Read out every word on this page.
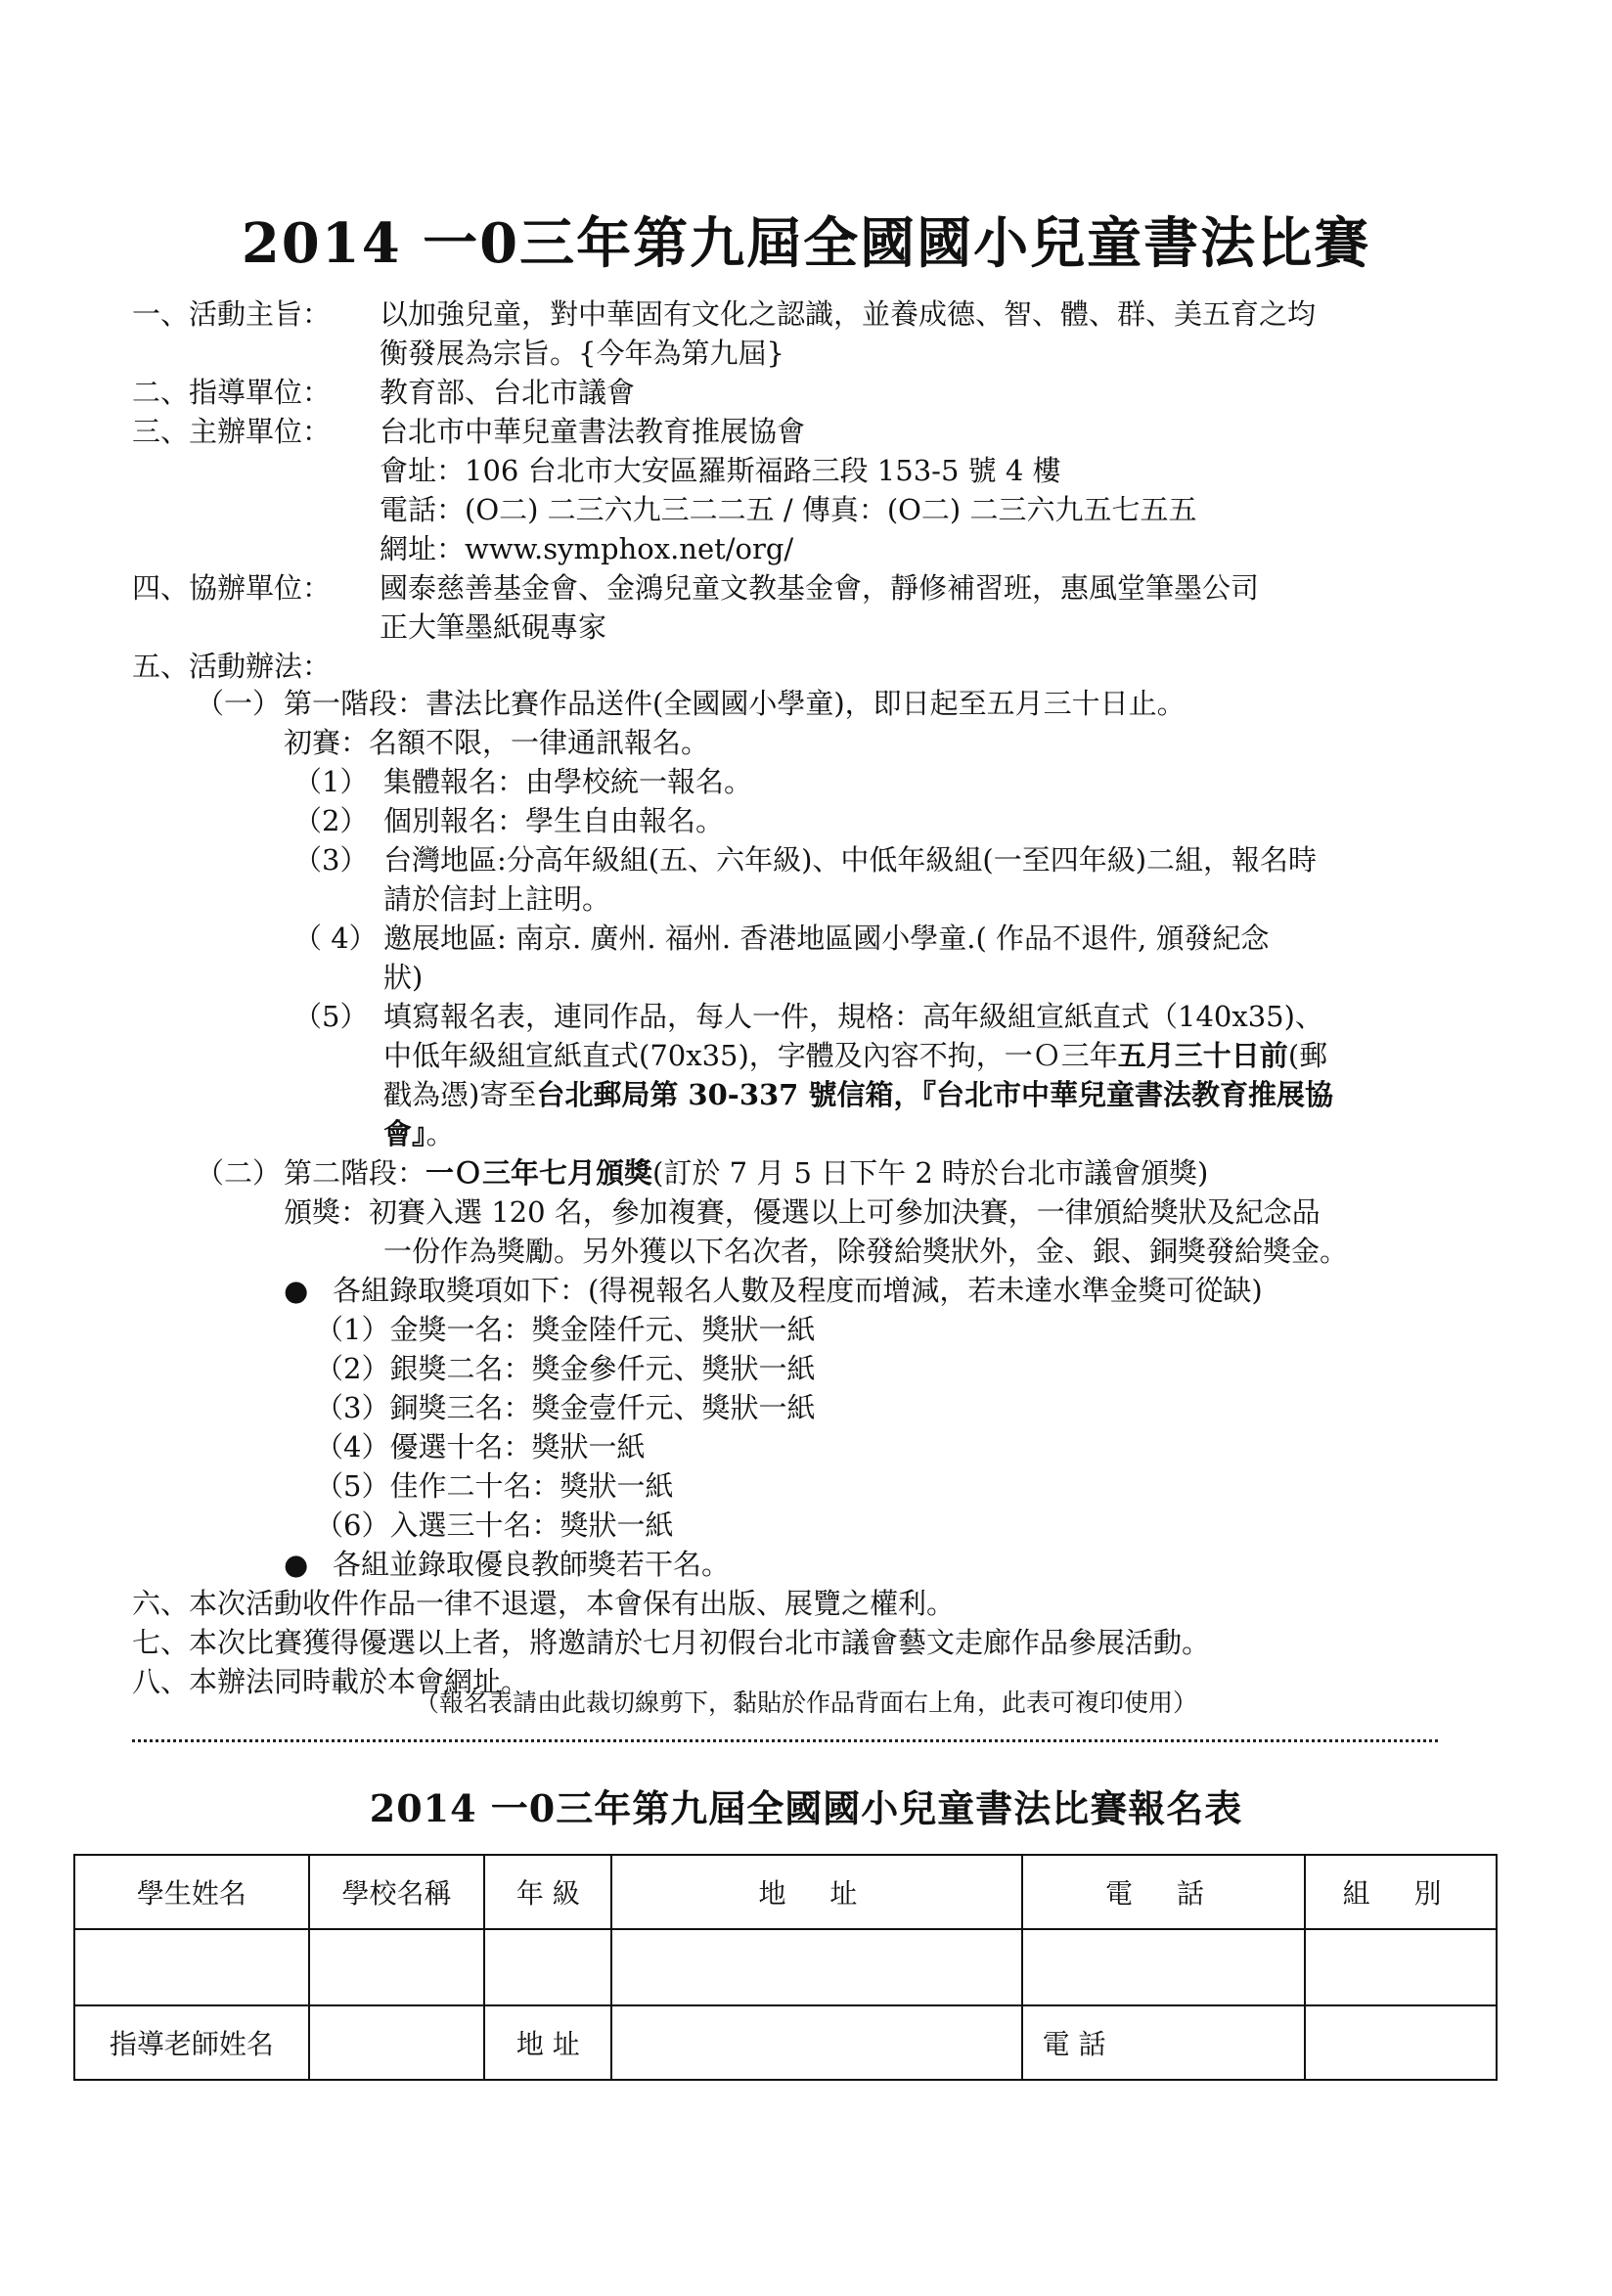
2014 一0三年第九屆全國國小兒童書法比賽
一、活動主旨： 以加強兒童，對中華固有文化之認識，並養成德、智、體、群、美五育之均
衡發展為宗旨。{今年為第九屆}
二、指導單位： 教育部、台北市議會
三、主辦單位： 台北市中華兒童書法教育推展協會
會址：106 台北市大安區羅斯福路三段 153-5 號 4 樓
電話：(O二) 二三六九三二二五 / 傳真：(O二) 二三六九五七五五
網址：www.symphox.net/org/
四、協辦單位： 國泰慈善基金會、金鴻兒童文教基金會，靜修補習班，惠風堂筆墨公司
正大筆墨紙硯專家
五、活動辦法：
（一） 第一階段：書法比賽作品送件(全國國小學童)，即日起至五月三十日止。
初賽：名額不限，一律通訊報名。
（1） 集體報名：由學校統一報名。
（2） 個別報名：學生自由報名。
（3） 台灣地區:分高年級組(五、六年級)、中低年級組(一至四年級)二組，報名時
請於信封上註明。
（ 4） 邀展地區: 南京. 廣州. 福州. 香港地區國小學童.( 作品不退件, 頒發紀念
狀)
（5） 填寫報名表，連同作品，每人一件，規格：高年級組宣紙直式（140x35)、
中低年級組宣紙直式(70x35)，字體及內容不拘，一Ｏ三年五月三十日前(郵
戳為憑)寄至台北郵局第 30-337 號信箱，『台北市中華兒童書法教育推展協
會』。
（二） 第二階段：一Ｏ三年七月頒獎(訂於 7 月 5 日下午 2 時於台北市議會頒獎)
頒獎：初賽入選 120 名，參加複賽，優選以上可參加決賽，一律頒給獎狀及紀念品
一份作為獎勵。另外獲以下名次者，除發給獎狀外，金、銀、銅獎發給獎金。
● 各組錄取獎項如下：(得視報名人數及程度而增減，若未達水準金獎可從缺)
（1）金獎一名：獎金陸仟元、獎狀一紙
（2）銀獎二名：獎金參仟元、獎狀一紙
（3）銅獎三名：獎金壹仟元、獎狀一紙
（4）優選十名：獎狀一紙
（5）佳作二十名：獎狀一紙
（6）入選三十名：獎狀一紙
● 各組並錄取優良教師獎若干名。
六、本次活動收件作品一律不退還，本會保有出版、展覽之權利。
七、本次比賽獲得優選以上者，將邀請於七月初假台北市議會藝文走廊作品參展活動。
八、本辦法同時載於本會網址。
（報名表請由此裁切線剪下，黏貼於作品背面右上角，此表可複印使用）
2014 一0三年第九屆全國國小兒童書法比賽報名表
學生姓名	學校名稱	年 級	地 址	電 話	組 別

指導老師姓名		地 址		電 話	
